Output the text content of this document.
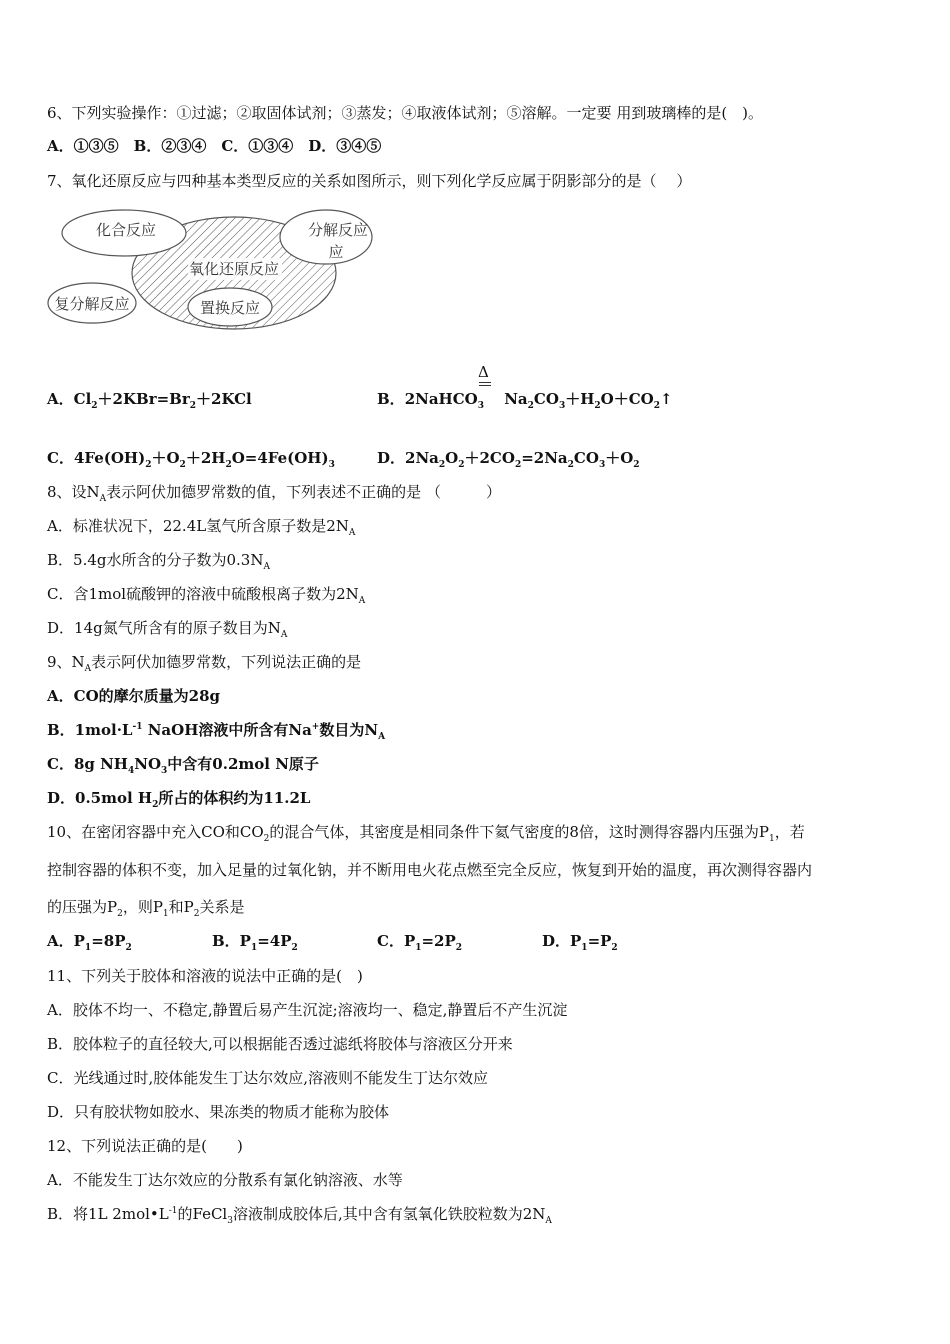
6、下列实验操作：①过滤；②取固体试剂；③蒸发；④取液体试剂；⑤溶解。一定要 用到玻璃棒的是(　)。
A．①③⑤　B．②③④　C．①③④　D．③④⑤
7、氧化还原反应与四种基本类型反应的关系如图所示，则下列化学反应属于阴影部分的是（　 ）
化合反应	分解反应
应
氧化还原反应
复分解反应	置换反应
Δ
A．$Cl_2+2KBr=Br_2+2KCl$	B．2NaHCO$_3$　 $Na_2CO_3+H_2O+CO_2↑$
C．$4Fe(OH)_2+O_2+2H_2O=4Fe(OH)_3$	D．$2Na_2O_2+2CO_2=2Na_2CO_3+O_2$
8、设$N_A$表示阿伏加德罗常数的值，下列表述不正确的是 （　　　）
A．标准状况下，22.4L氢气所含原子数是$2N_A$
B．5.4g水所含的分子数为$0.3N_A$
C．含1mol硫酸钾的溶液中硫酸根离子数为$2N_A$
D．14g氮气所含有的原子数目为$N_A$
9、$N_A$表示阿伏加德罗常数，下列说法正确的是
A．CO的摩尔质量为28g
B．$1mol\cdot L^{-1}$ NaOH溶液中所含有Na+数目为$N_A$
C．8g $NH_4NO_3$中含有0.2mol N原子
D．0.5mol $H_2$所占的体积约为11.2L
10、在密闭容器中充入CO和$CO_2$的混合气体，其密度是相同条件下氦气密度的8倍，这时测得容器内压强为$P_1$，若
控制容器的体积不变，加入足量的过氧化钠，并不断用电火花点燃至完全反应，恢复到开始的温度，再次测得容器内
的压强为$P_2$，则$P_1$和$P_2$关系是
A．$P_1=8P_2$	B．$P_1=4P_2$	C．$P_1=2P_2$	D．$P_1=P_2$
11、下列关于胶体和溶液的说法中正确的是(　)
A．胶体不均一、不稳定,静置后易产生沉淀;溶液均一、稳定,静置后不产生沉淀
B．胶体粒子的直径较大,可以根据能否透过滤纸将胶体与溶液区分开来
C．光线通过时,胶体能发生丁达尔效应,溶液则不能发生丁达尔效应
D．只有胶状物如胶水、果冻类的物质才能称为胶体
12、下列说法正确的是(　　)
A．不能发生丁达尔效应的分散系有氯化钠溶液、水等
B．将1L $2mol•L^{-1}$的FeCl$_3$溶液制成胶体后,其中含有氢氧化铁胶粒数为$2N_A$
